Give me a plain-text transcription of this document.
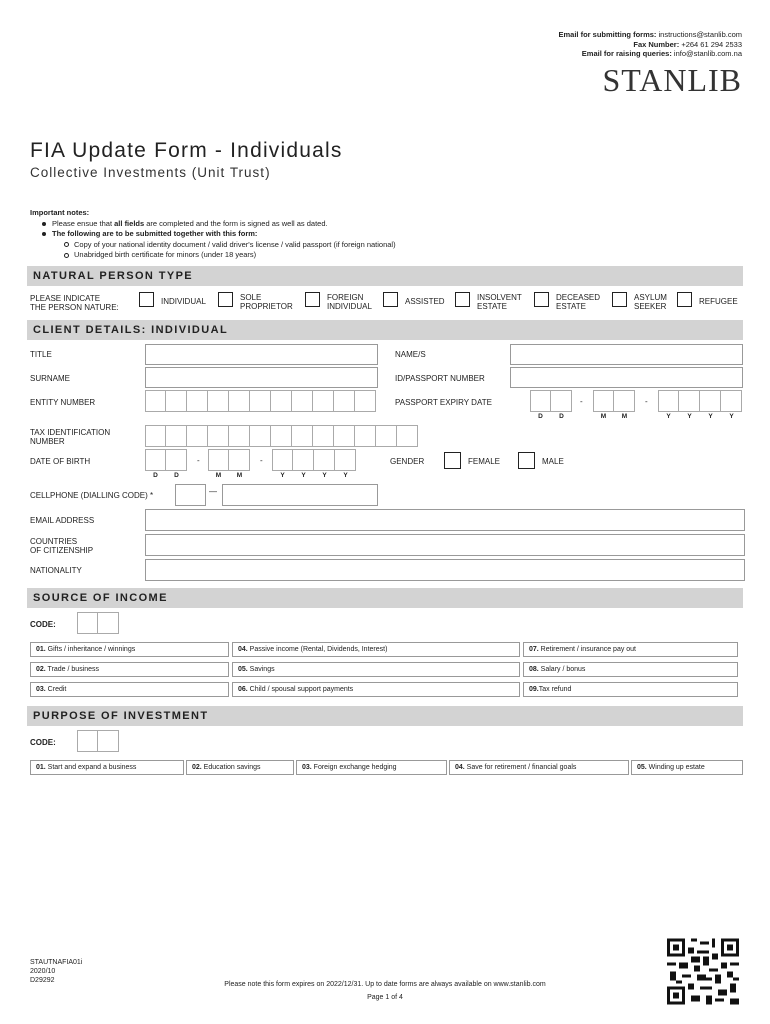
Email for submitting forms: instructions@stanlib.com
Fax Number: +264 61 294 2533
Email for raising queries: info@stanlib.com.na
STANLIB
FIA Update Form - Individuals
Collective Investments (Unit Trust)
Important notes:
Please ensue that all fields are completed and the form is signed as well as dated.
The following are to be submitted together with this form:
Copy of your national identity document / valid driver's license / valid passport (if foreign national)
Unabridged birth certificate for minors (under 18 years)
NATURAL PERSON TYPE
PLEASE INDICATE
THE PERSON NATURE:
INDIVIDUAL	SOLE PROPRIETOR
FOREIGN INDIVIDUAL
ASSISTED	INSOLVENT ESTATE
DECEASED ESTATE
ASYLUM SEEKER
REFUGEE
CLIENT DETAILS: INDIVIDUAL
TITLE	NAME/S
SURNAME	ID/PASSPORT NUMBER
ENTITY NUMBER	PASSPORT EXPIRY DATE	-	-
D	D	M M	Y	Y	Y	Y
TAX IDENTIFICATION
NUMBER
DATE OF BIRTH	-	-
D	D	M M	Y	Y	Y	Y
GENDER	FEMALE	MALE
CELLPHONE (DIALLING CODE) *	—
EMAIL ADDRESS
COUNTRIES
OF CITIZENSHIP
NATIONALITY
SOURCE OF INCOME
CODE:
01. Gifts / inheritance / winnings	04. Passive income (Rental, Dividends, Interest)	07. Retirement / insurance pay out
02. Trade / business	05. Savings	08. Salary / bonus
03. Credit	06. Child / spousal support payments	09.Tax refund
PURPOSE OF INVESTMENT
CODE:
01. Start and expand a business	02. Education savings	03. Foreign exchange hedging	04. Save for retirement / financial goals	05. Winding up estate
STAUTNAFIA01i
2020/10
D29292
Please note this form expires on 2022/12/31. Up to date forms are always available on www.stanlib.com
Page 1 of 4
